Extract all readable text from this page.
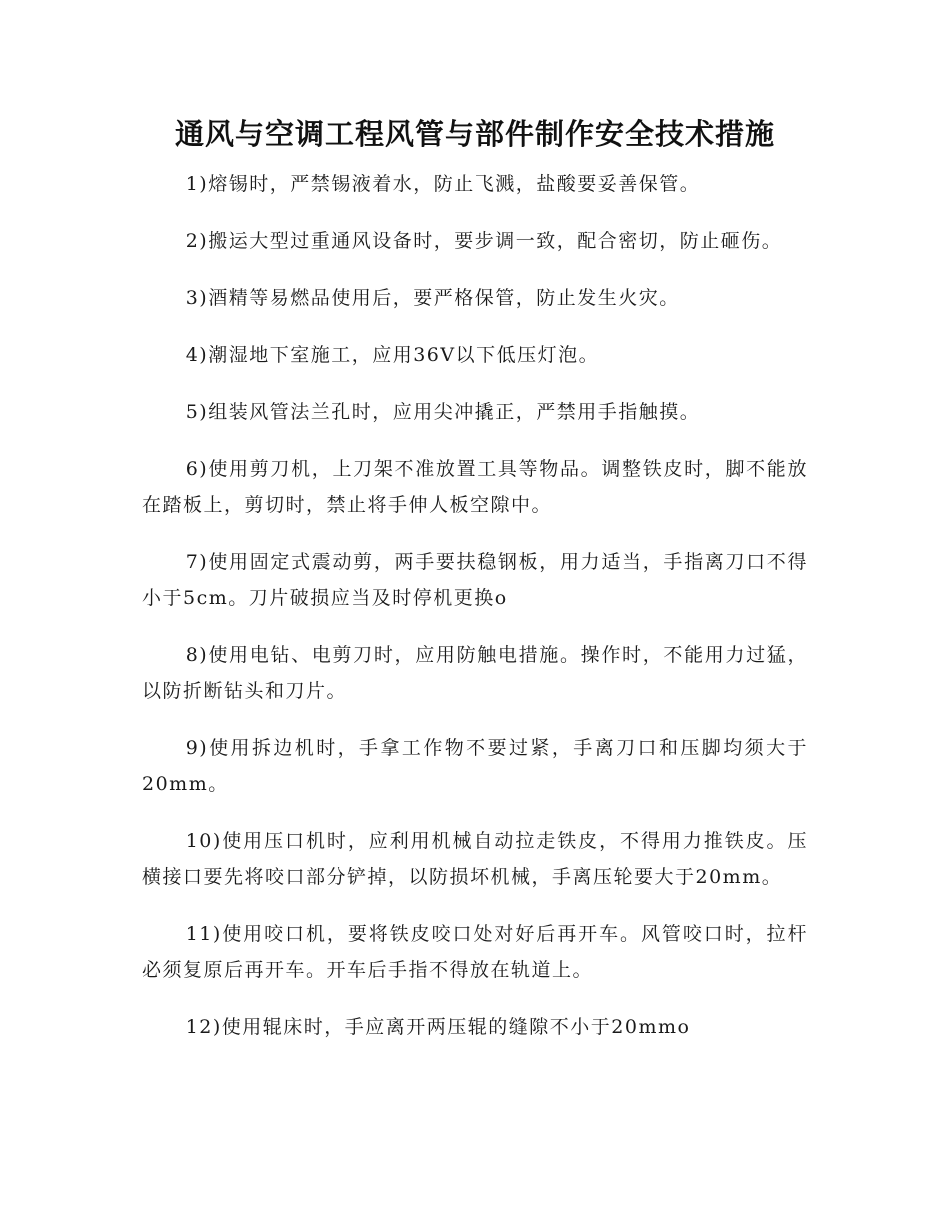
通风与空调工程风管与部件制作安全技术措施

1)熔锡时，严禁锡液着水，防止飞溅，盐酸要妥善保管。

2)搬运大型过重通风设备时，要步调一致，配合密切，防止砸伤。

3)酒精等易燃品使用后，要严格保管，防止发生火灾。

4)潮湿地下室施工，应用36V以下低压灯泡。

5)组装风管法兰孔时，应用尖冲撬正，严禁用手指触摸。

6)使用剪刀机，上刀架不准放置工具等物品。调整铁皮时，脚不能放在踏板上，剪切时，禁止将手伸人板空隙中。

7)使用固定式震动剪，两手要扶稳钢板，用力适当，手指离刀口不得小于5cm。刀片破损应当及时停机更换o

8)使用电钻、电剪刀时，应用防触电措施。操作时，不能用力过猛，以防折断钻头和刀片。

9)使用拆边机时，手拿工作物不要过紧，手离刀口和压脚均须大于20mm。

10)使用压口机时，应利用机械自动拉走铁皮，不得用力推铁皮。压横接口要先将咬口部分铲掉，以防损坏机械，手离压轮要大于20mm。

11)使用咬口机，要将铁皮咬口处对好后再开车。风管咬口时，拉杆必须复原后再开车。开车后手指不得放在轨道上。

12)使用辊床时，手应离开两压辊的缝隙不小于20mmo
